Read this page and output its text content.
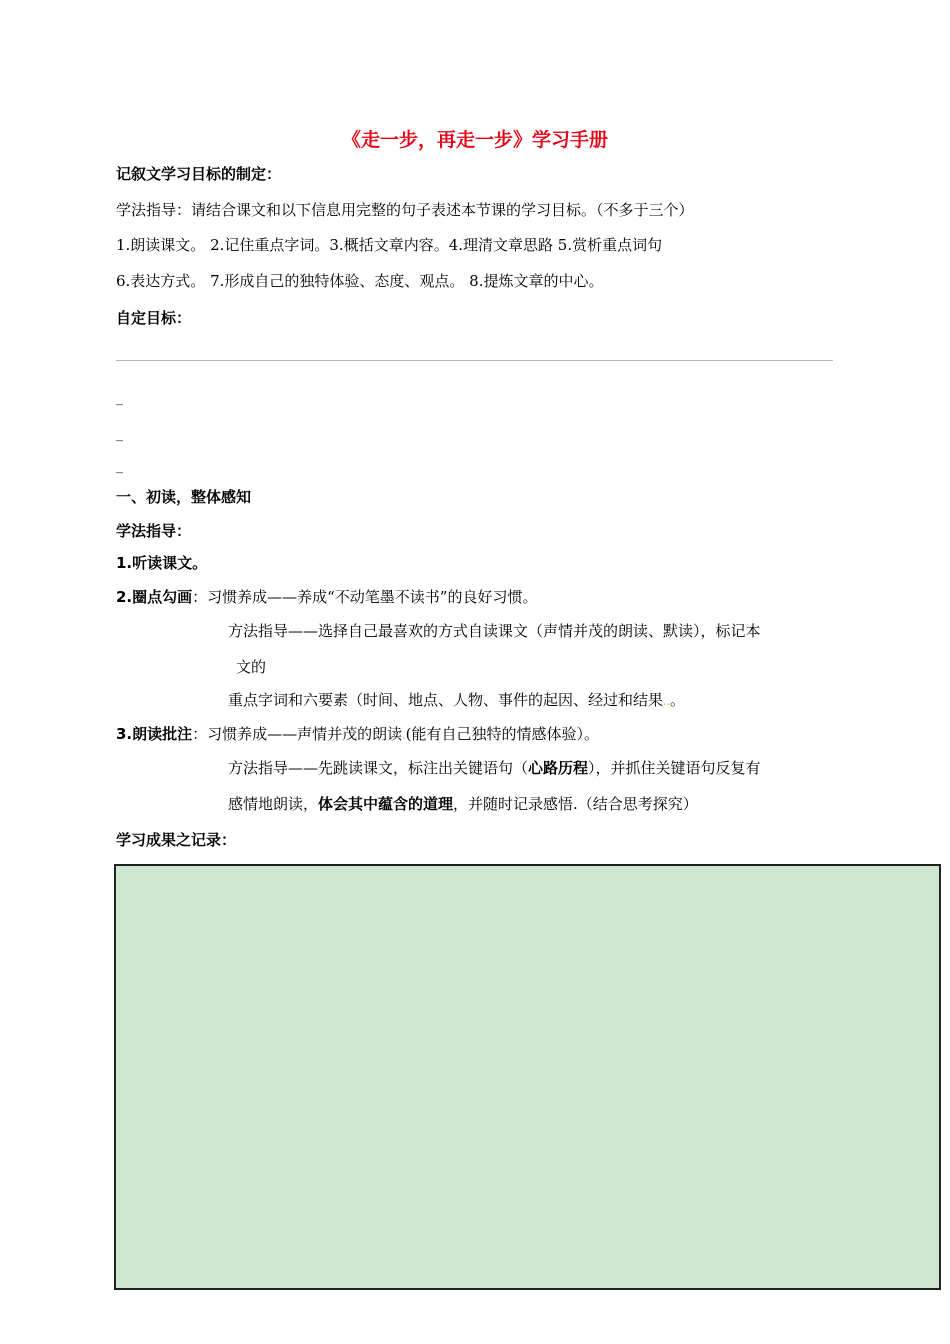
《走一步，再走一步》学习手册
记叙文学习目标的制定：
学法指导：请结合课文和以下信息用完整的句子表述本节课的学习目标。（不多于三个）
1.朗读课文。 2.记住重点字词。3.概括文章内容。4.理清文章思路 5.赏析重点词句
6.表达方式。 7.形成自己的独特体验、态度、观点。 8.提炼文章的中心。
自定目标：
_
_
_
一、初读，整体感知
学法指导：
1.听读课文。
2.圈点勾画：习惯养成——养成“不动笔墨不读书”的良好习惯。
方法指导——选择自己最喜欢的方式自读课文（声情并茂的朗读、默读），标记本
文的
重点字词和六要素（时间、地点、人物、事件的起因、经过和结果..。
3.朗读批注：习惯养成——声情并茂的朗读.(能有自己独特的情感体验）。
方法指导——先跳读课文，标注出关键语句（心路历程），并抓住关键语句反复有
感情地朗读，体会其中蕴含的道理，并随时记录感悟.（结合思考探究）
学习成果之记录：
